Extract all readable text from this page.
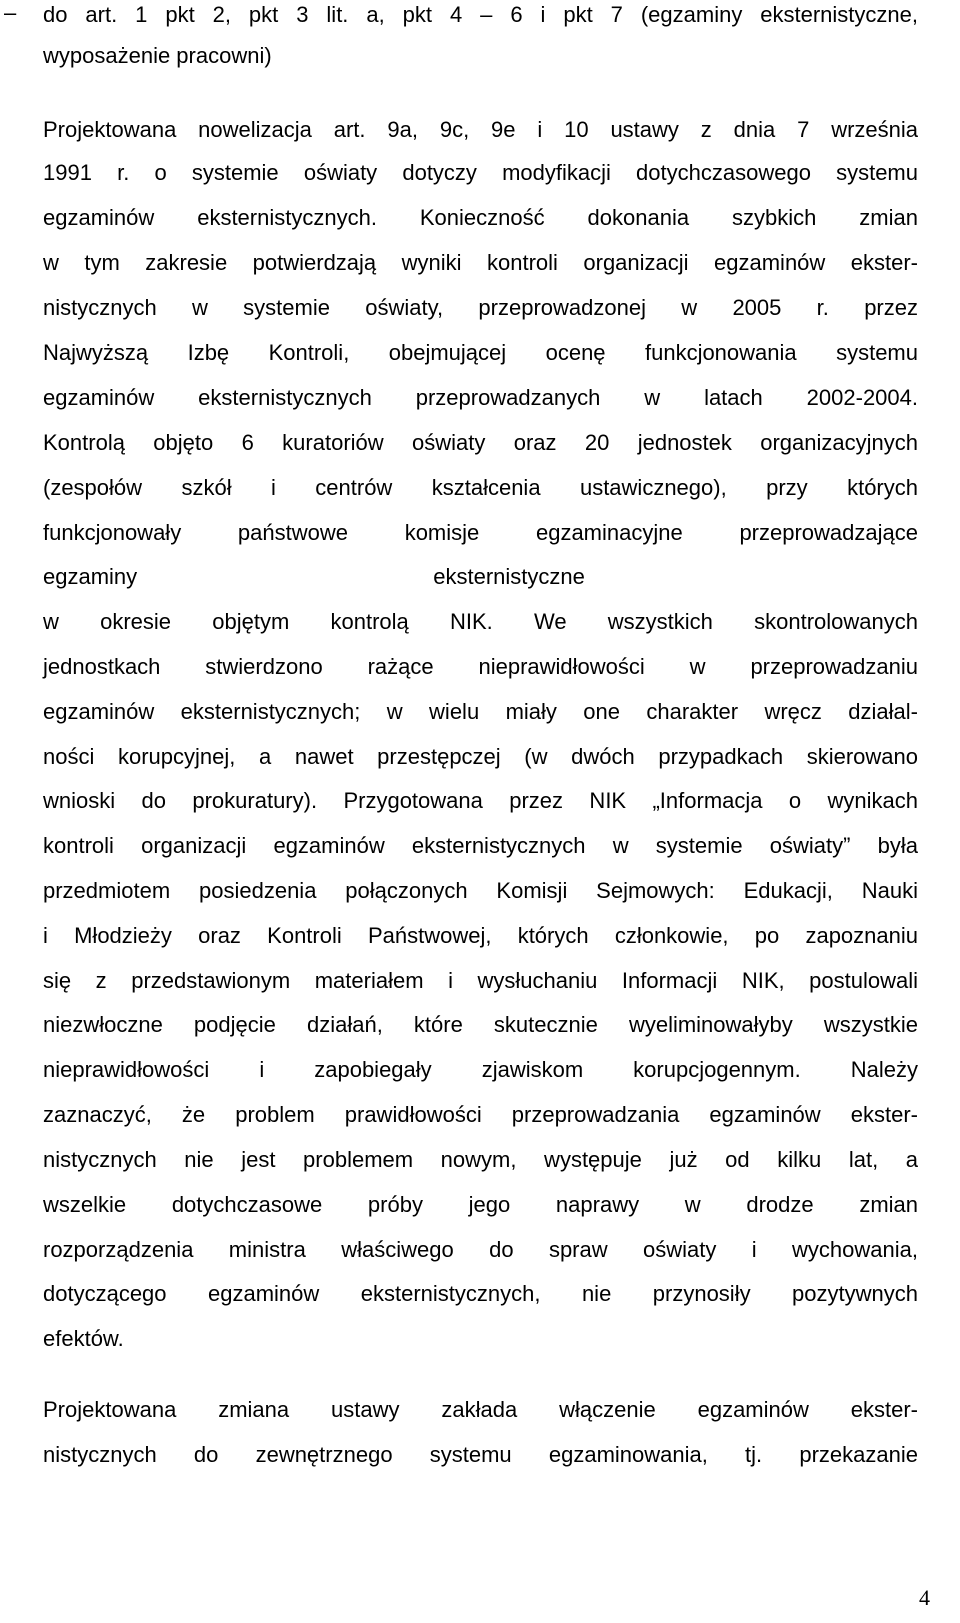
–	do art. 1 pkt 2, pkt 3 lit. a, pkt 4 – 6 i pkt 7 (egzaminy eksternistyczne,
wyposażenie pracowni)
Projektowana nowelizacja art. 9a, 9c, 9e i 10 ustawy z dnia 7 września
1991 r. o systemie oświaty dotyczy modyfikacji dotychczasowego systemu
egzaminów eksternistycznych. Konieczność dokonania szybkich zmian
w tym zakresie potwierdzają wyniki kontroli organizacji egzaminów ekster-
nistycznych w systemie oświaty, przeprowadzonej w 2005 r. przez
Najwyższą Izbę Kontroli, obejmującej ocenę funkcjonowania systemu
egzaminów eksternistycznych przeprowadzanych w latach 2002-2004.
Kontrolą objęto 6 kuratoriów oświaty oraz 20 jednostek organizacyjnych
(zespołów szkół i centrów kształcenia ustawicznego), przy których
funkcjonowały państwowe komisje egzaminacyjne przeprowadzające
egzaminy eksternistyczne
w okresie objętym kontrolą NIK. We wszystkich skontrolowanych
jednostkach stwierdzono rażące nieprawidłowości w przeprowadzaniu
egzaminów eksternistycznych; w wielu miały one charakter wręcz działal-
ności korupcyjnej, a nawet przestępczej (w dwóch przypadkach skierowano
wnioski do prokuratury). Przygotowana przez NIK „Informacja o wynikach
kontroli organizacji egzaminów eksternistycznych w systemie oświaty” była
przedmiotem posiedzenia połączonych Komisji Sejmowych: Edukacji, Nauki
i Młodzieży oraz Kontroli Państwowej, których członkowie, po zapoznaniu
się z przedstawionym materiałem i wysłuchaniu Informacji NIK, postulowali
niezwłoczne podjęcie działań, które skutecznie wyeliminowałyby wszystkie
nieprawidłowości i zapobiegały zjawiskom korupcjogennym. Należy
zaznaczyć, że problem prawidłowości przeprowadzania egzaminów ekster-
nistycznych nie jest problemem nowym, występuje już od kilku lat, a
wszelkie dotychczasowe próby jego naprawy w drodze zmian
rozporządzenia ministra właściwego do spraw oświaty i wychowania,
dotyczącego egzaminów eksternistycznych, nie przynosiły pozytywnych
efektów.
Projektowana zmiana ustawy zakłada włączenie egzaminów ekster-
nistycznych do zewnętrznego systemu egzaminowania, tj. przekazanie
4
